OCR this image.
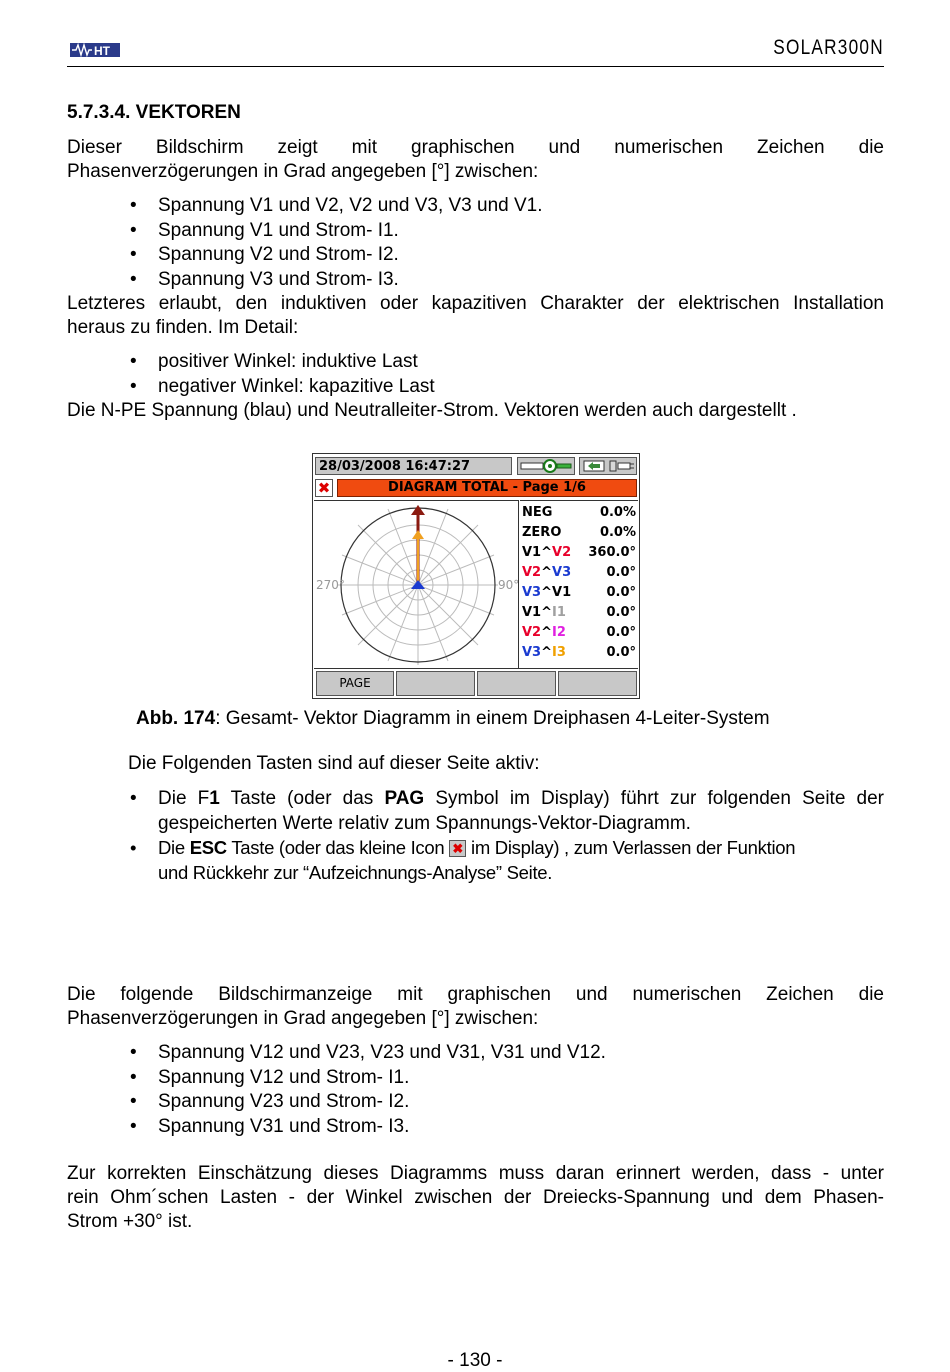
HT	SOLAR300N
5.7.3.4. VEKTOREN
Dieser Bildschirm zeigt mit graphischen und numerischen Zeichen die
Phasenverzögerungen in Grad angegeben [°] zwischen:
• Spannung V1 und V2, V2 und V3, V3 und V1.
• Spannung V1 und Strom- I1.
• Spannung V2 und Strom- I2.
• Spannung V3 und Strom- I3.
Letzteres erlaubt, den induktiven oder kapazitiven Charakter der elektrischen Installation
heraus zu finden. Im Detail:
• positiver Winkel: induktive Last
• negativer Winkel: kapazitive Last
Die N-PE Spannung (blau) und Neutralleiter-Strom. Vektoren werden auch dargestellt .
28/03/2008 16:47:27
✖	DIAGRAM TOTAL - Page 1/6
270°	90°
NEG	0.0%
ZERO	0.0%
V1^V2 360.0°
V2^V3	0.0°
V3^V1	0.0°
V1^I1	0.0°
V2^I2	0.0°
V3^I3	0.0°
PAGE
Abb. 174: Gesamt- Vektor Diagramm in einem Dreiphasen 4-Leiter-System
Die Folgenden Tasten sind auf dieser Seite aktiv:
• Die F1 Taste (oder das PAG Symbol im Display) führt zur folgenden Seite der
gespeicherten Werte relativ zum Spannungs-Vektor-Diagramm.
• Die ESC Taste (oder das kleine Icon ✖ im Display) , zum Verlassen der Funktion
und Rückkehr zur “Aufzeichnungs-Analyse” Seite.
Die folgende Bildschirmanzeige mit graphischen und numerischen Zeichen die
Phasenverzögerungen in Grad angegeben [°] zwischen:
• Spannung V12 und V23, V23 und V31, V31 und V12.
• Spannung V12 und Strom- I1.
• Spannung V23 und Strom- I2.
• Spannung V31 und Strom- I3.
Zur korrekten Einschätzung dieses Diagramms muss daran erinnert werden, dass - unter
rein Ohm´schen Lasten - der Winkel zwischen der Dreiecks-Spannung und dem Phasen-
Strom +30° ist.
- 130 -
